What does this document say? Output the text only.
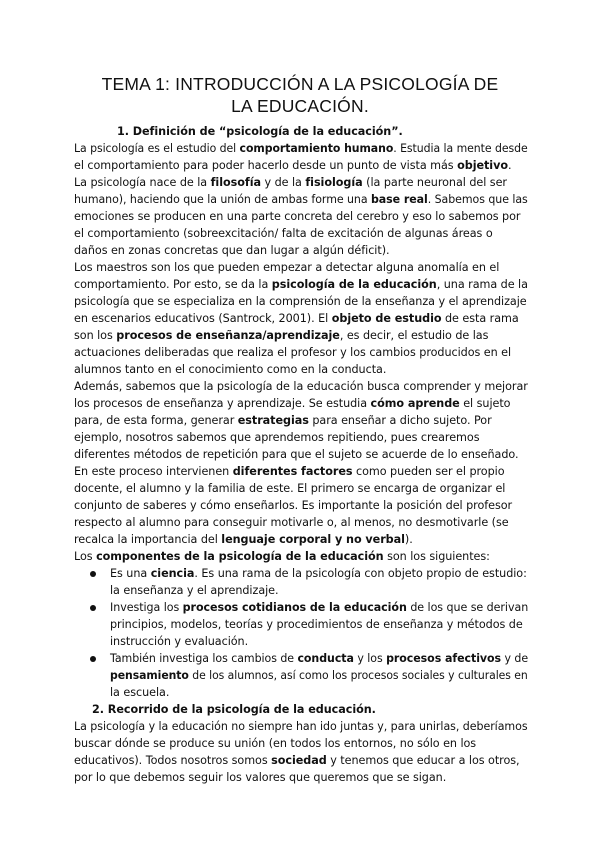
TEMA 1: INTRODUCCIÓN A LA PSICOLOGÍA DE
LA EDUCACIÓN.
1. Definición de “psicología de la educación”.
La psicología es el estudio del comportamiento humano. Estudia la mente desde
el comportamiento para poder hacerlo desde un punto de vista más objetivo.
La psicología nace de la filosofía y de la fisiología (la parte neuronal del ser
humano), haciendo que la unión de ambas forme una base real. Sabemos que las
emociones se producen en una parte concreta del cerebro y eso lo sabemos por
el comportamiento (sobreexcitación/ falta de excitación de algunas áreas o
daños en zonas concretas que dan lugar a algún déficit).
Los maestros son los que pueden empezar a detectar alguna anomalía en el
comportamiento. Por esto, se da la psicología de la educación, una rama de la
psicología que se especializa en la comprensión de la enseñanza y el aprendizaje
en escenarios educativos (Santrock, 2001). El objeto de estudio de esta rama
son los procesos de enseñanza/aprendizaje, es decir, el estudio de las
actuaciones deliberadas que realiza el profesor y los cambios producidos en el
alumnos tanto en el conocimiento como en la conducta.
Además, sabemos que la psicología de la educación busca comprender y mejorar
los procesos de enseñanza y aprendizaje. Se estudia cómo aprende el sujeto
para, de esta forma, generar estrategias para enseñar a dicho sujeto. Por
ejemplo, nosotros sabemos que aprendemos repitiendo, pues crearemos
diferentes métodos de repetición para que el sujeto se acuerde de lo enseñado.
En este proceso intervienen diferentes factores como pueden ser el propio
docente, el alumno y la familia de este. El primero se encarga de organizar el
conjunto de saberes y cómo enseñarlos. Es importante la posición del profesor
respecto al alumno para conseguir motivarle o, al menos, no desmotivarle (se
recalca la importancia del lenguaje corporal y no verbal).
Los componentes de la psicología de la educación son los siguientes:
Es una ciencia. Es una rama de la psicología con objeto propio de estudio:
la enseñanza y el aprendizaje.
Investiga los procesos cotidianos de la educación de los que se derivan
principios, modelos, teorías y procedimientos de enseñanza y métodos de
instrucción y evaluación.
También investiga los cambios de conducta y los procesos afectivos y de
pensamiento de los alumnos, así como los procesos sociales y culturales en
la escuela.
2. Recorrido de la psicología de la educación.
La psicología y la educación no siempre han ido juntas y, para unirlas, deberíamos
buscar dónde se produce su unión (en todos los entornos, no sólo en los
educativos). Todos nosotros somos sociedad y tenemos que educar a los otros,
por lo que debemos seguir los valores que queremos que se sigan.
